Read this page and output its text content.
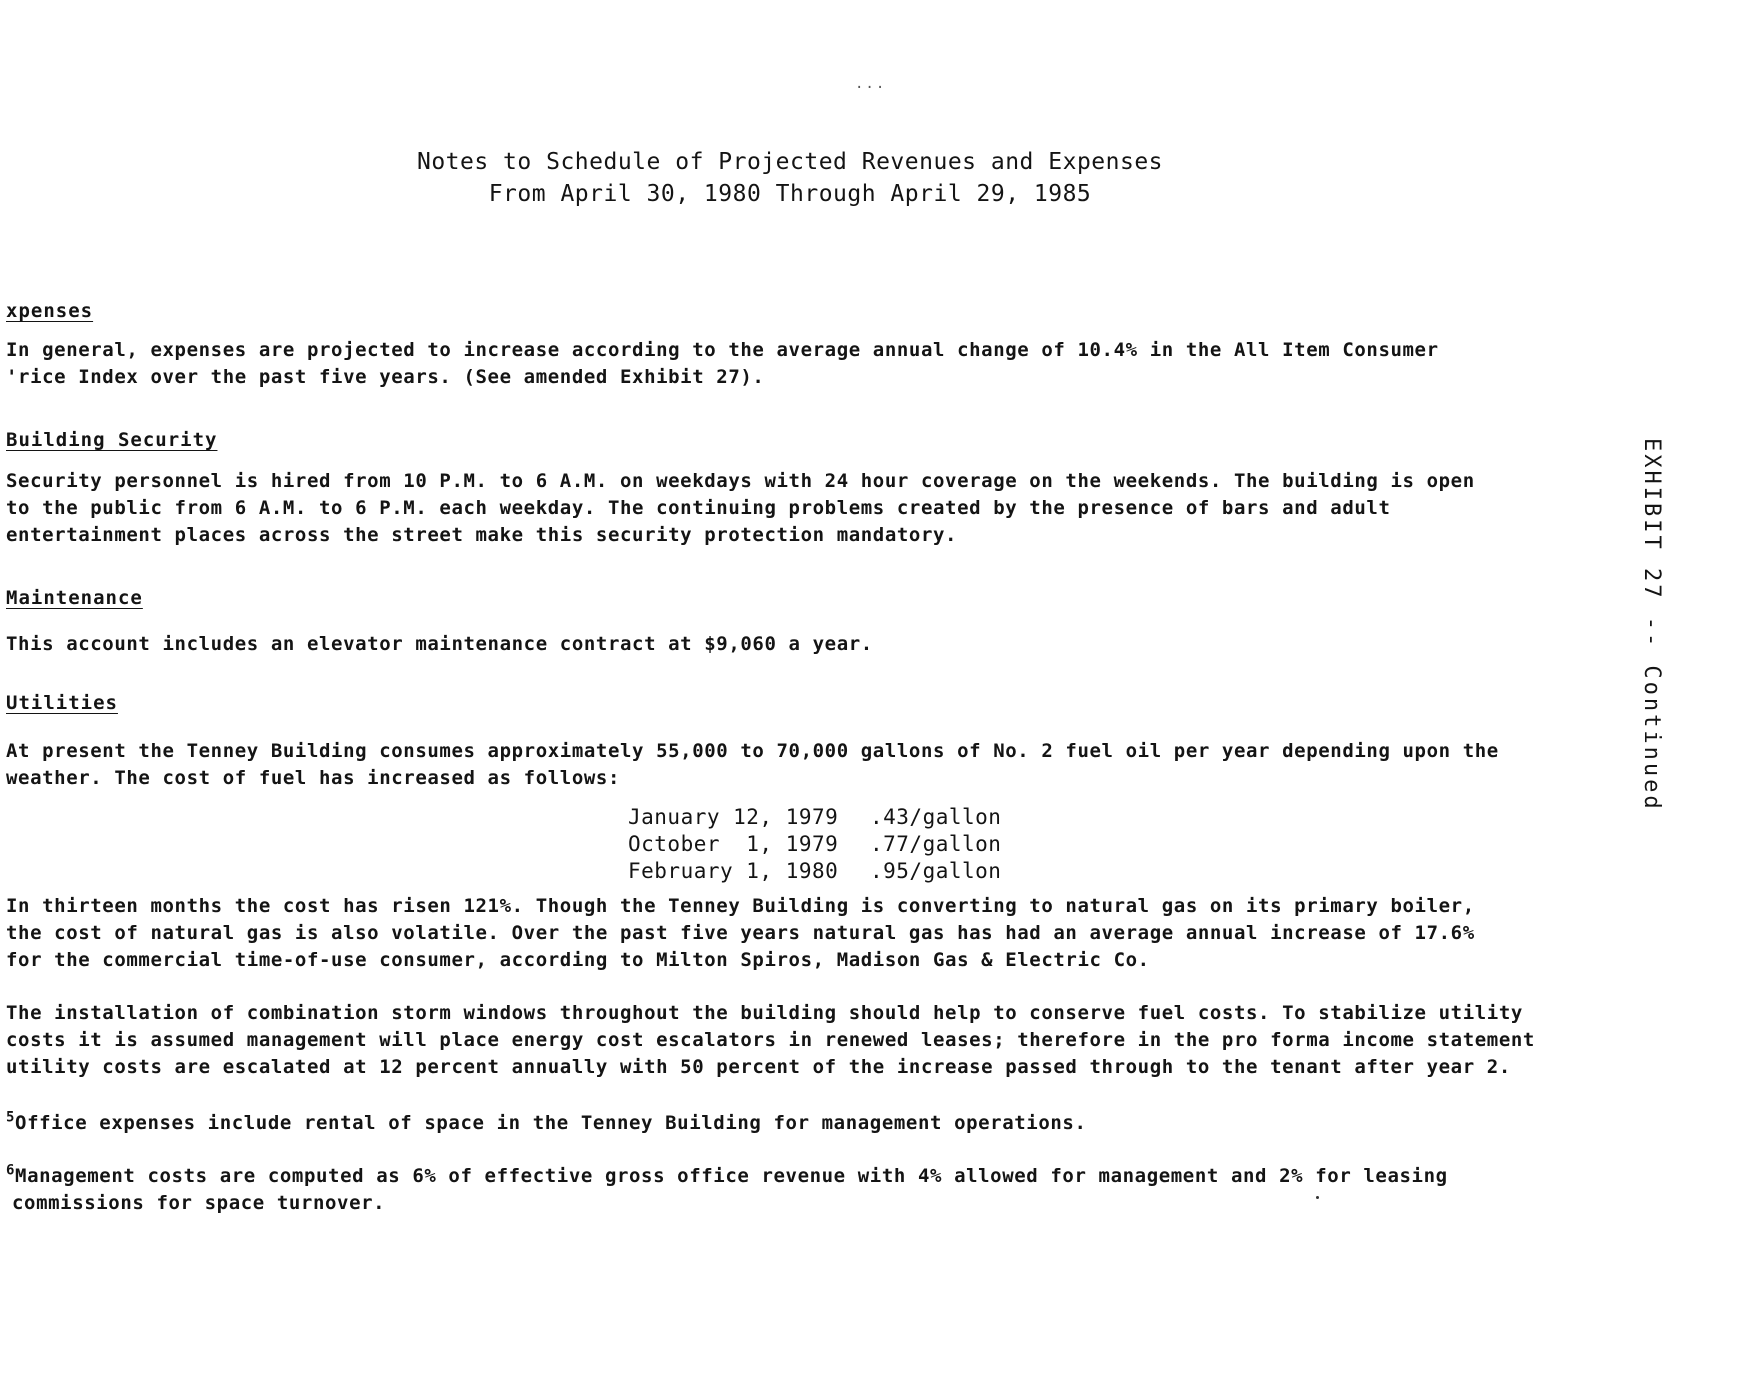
...
Notes to Schedule of Projected Revenues and Expenses
From April 30, 1980 Through April 29, 1985
xpenses
In general, expenses are projected to increase according to the average annual change of 10.4% in the All Item Consumer
'rice Index over the past five years. (See amended Exhibit 27).
Building Security
Security personnel is hired from 10 P.M. to 6 A.M. on weekdays with 24 hour coverage on the weekends. The building is open
to the public from 6 A.M. to 6 P.M. each weekday. The continuing problems created by the presence of bars and adult
entertainment places across the street make this security protection mandatory.
Maintenance
This account includes an elevator maintenance contract at $9,060 a year.
Utilities
At present the Tenney Building consumes approximately 55,000 to 70,000 gallons of No. 2 fuel oil per year depending upon the
weather. The cost of fuel has increased as follows:
January 12, 1979	.43/gallon
October  1, 1979	.77/gallon
February 1, 1980	.95/gallon
In thirteen months the cost has risen 121%. Though the Tenney Building is converting to natural gas on its primary boiler,
the cost of natural gas is also volatile. Over the past five years natural gas has had an average annual increase of 17.6%
for the commercial time-of-use consumer, according to Milton Spiros, Madison Gas & Electric Co.
The installation of combination storm windows throughout the building should help to conserve fuel costs. To stabilize utility
costs it is assumed management will place energy cost escalators in renewed leases; therefore in the pro forma income statement
utility costs are escalated at 12 percent annually with 50 percent of the increase passed through to the tenant after year 2.
$^5$Office expenses include rental of space in the Tenney Building for management operations.
$^6$Management costs are computed as 6% of effective gross office revenue with 4% allowed for management and 2% for leasing
commissions for space turnover.
EXHIBIT 27 -- Continued
